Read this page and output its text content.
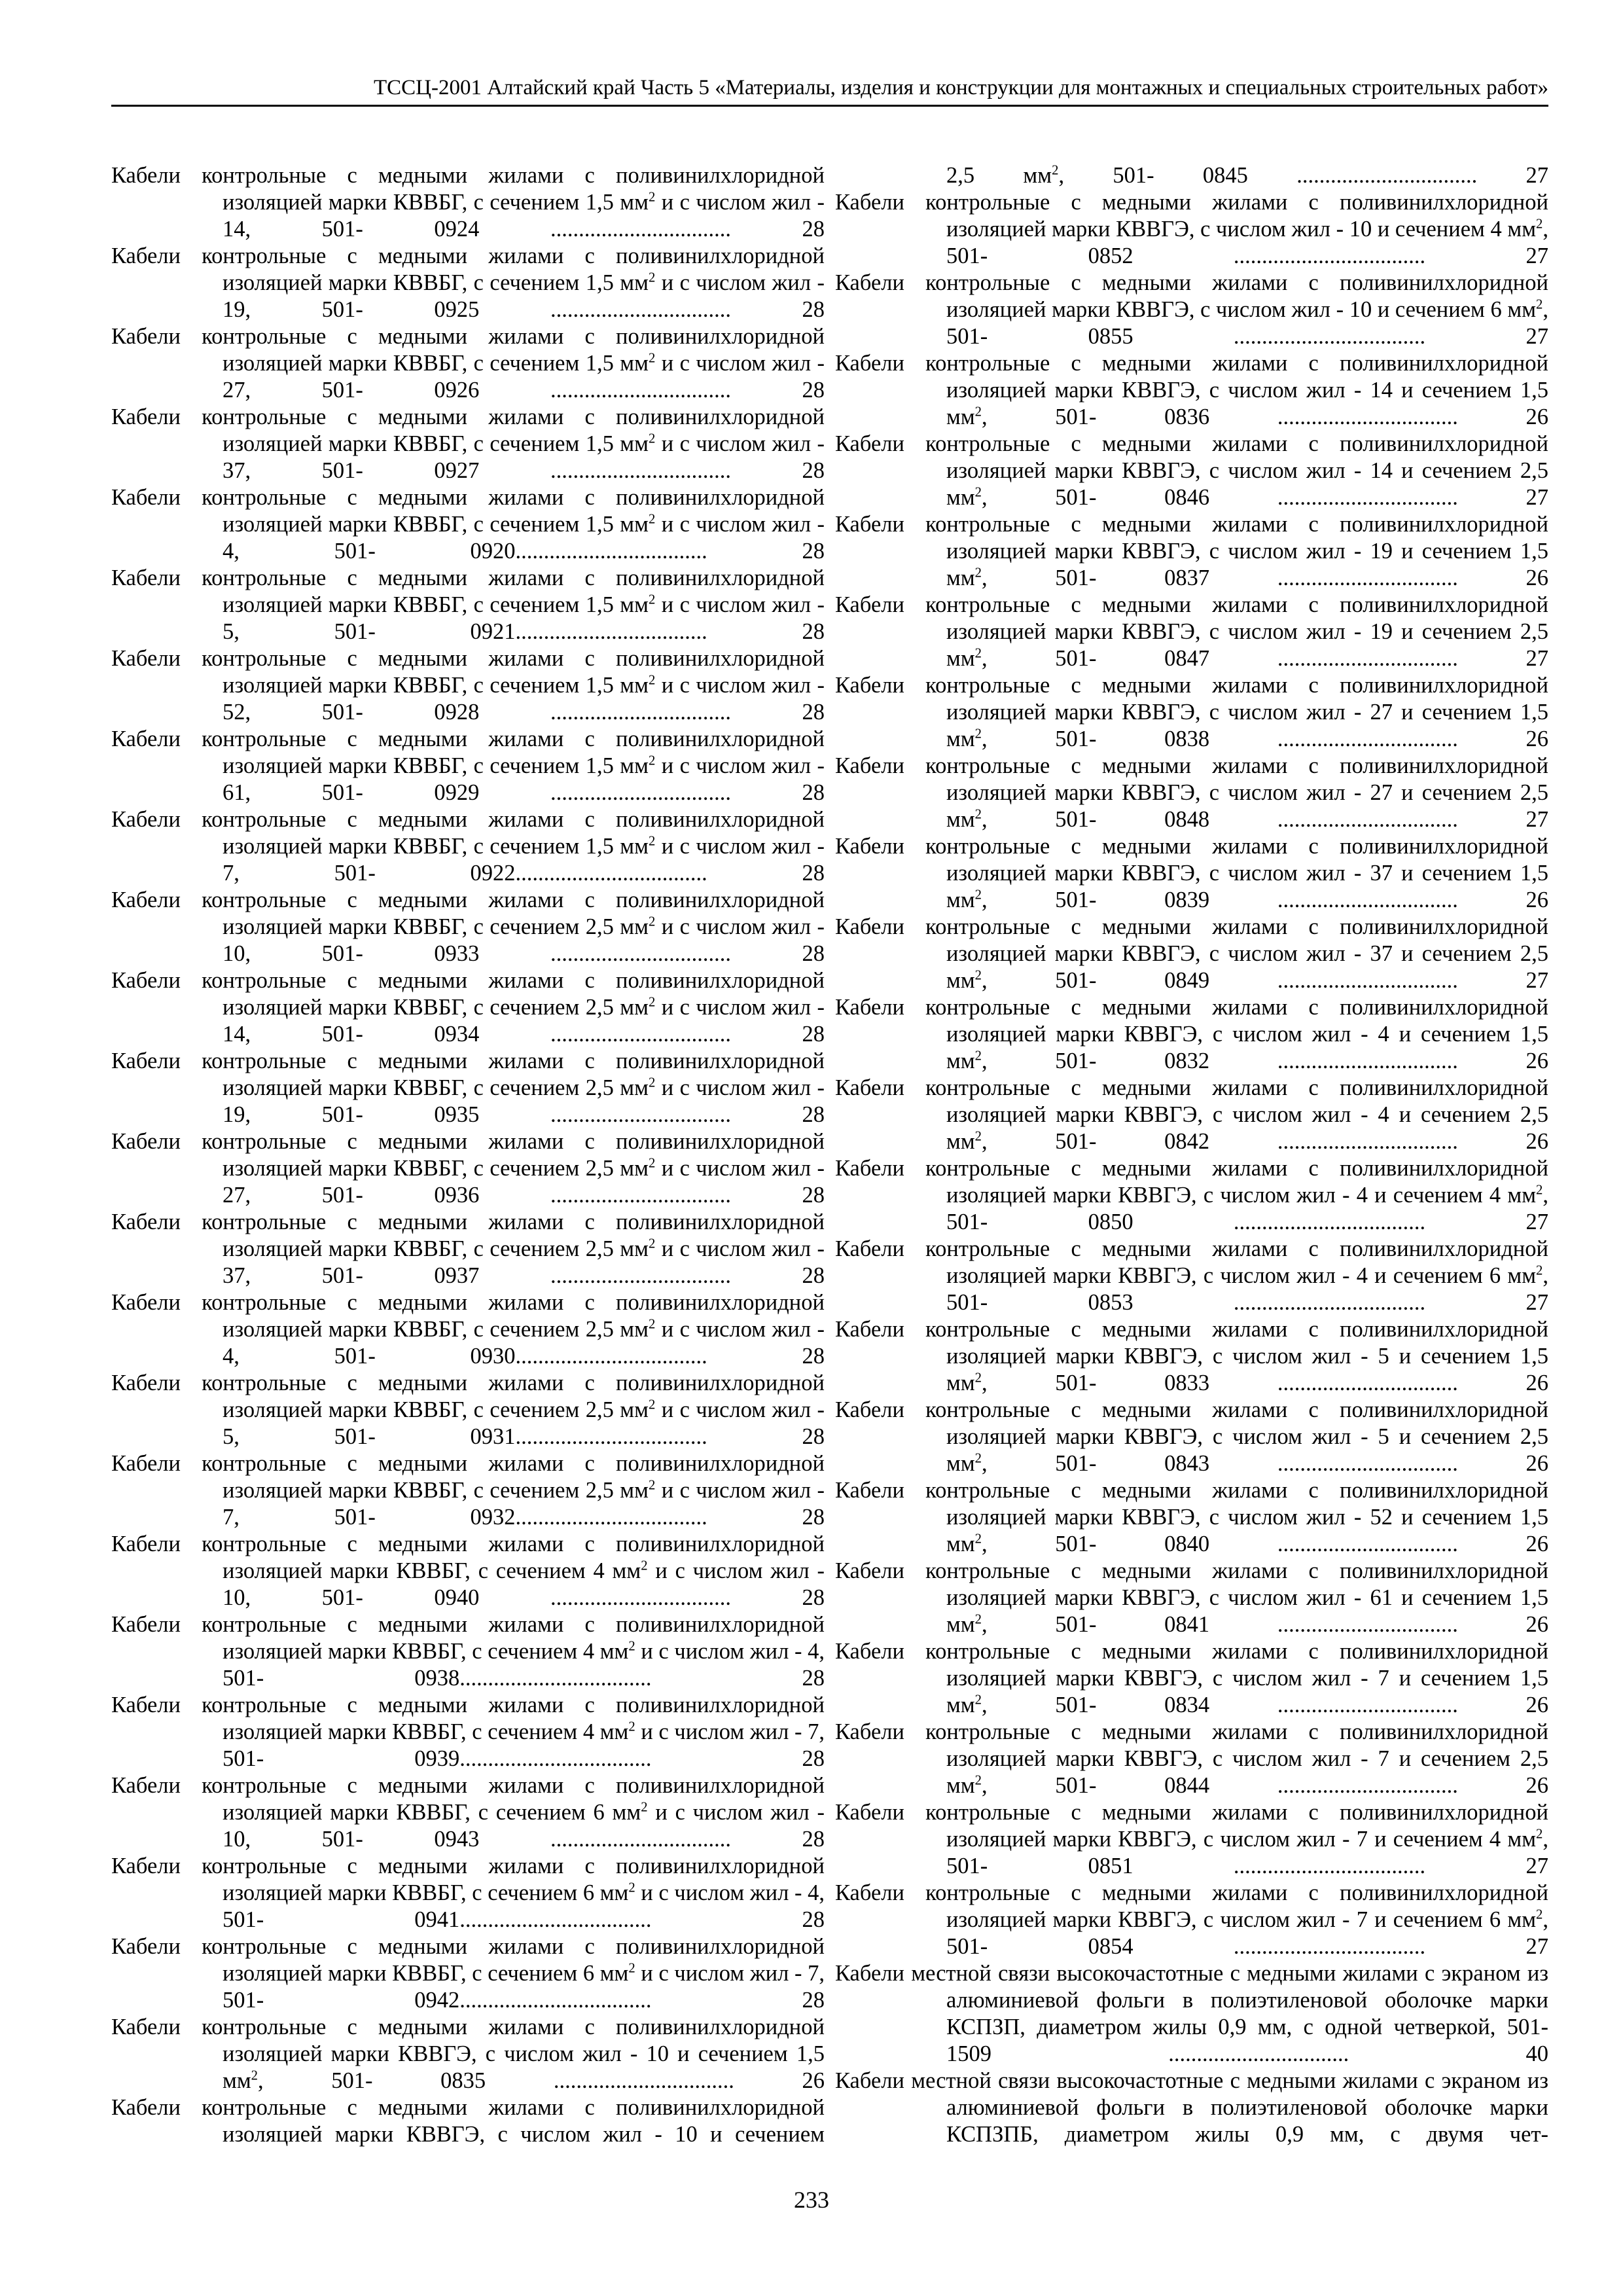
ТССЦ-2001 Алтайский край Часть 5 «Материалы, изделия и конструкции для монтажных и специальных строительных работ»

Кабели контрольные с медными жилами с поливинилхлоридной изоляцией марки КВВБГ, с сечением 1,5 $мм^2$ и с числом жил - 14, 501- 0924 ................................ 28

Кабели контрольные с медными жилами с поливинилхлоридной изоляцией марки КВВБГ, с сечением 1,5 $мм^2$ и с числом жил - 19, 501- 0925 ................................ 28

Кабели контрольные с медными жилами с поливинилхлоридной изоляцией марки КВВБГ, с сечением 1,5 $мм^2$ и с числом жил - 27, 501- 0926 ................................ 28

Кабели контрольные с медными жилами с поливинилхлоридной изоляцией марки КВВБГ, с сечением 1,5 $мм^2$ и с числом жил - 37, 501- 0927 ................................ 28

Кабели контрольные с медными жилами с поливинилхлоридной изоляцией марки КВВБГ, с сечением 1,5 $мм^2$ и с числом жил - 4, 501- 0920.................................. 28

Кабели контрольные с медными жилами с поливинилхлоридной изоляцией марки КВВБГ, с сечением 1,5 $мм^2$ и с числом жил - 5, 501- 0921.................................. 28

Кабели контрольные с медными жилами с поливинилхлоридной изоляцией марки КВВБГ, с сечением 1,5 $мм^2$ и с числом жил - 52, 501- 0928 ................................ 28

Кабели контрольные с медными жилами с поливинилхлоридной изоляцией марки КВВБГ, с сечением 1,5 $мм^2$ и с числом жил - 61, 501- 0929 ................................ 28

Кабели контрольные с медными жилами с поливинилхлоридной изоляцией марки КВВБГ, с сечением 1,5 $мм^2$ и с числом жил - 7, 501- 0922.................................. 28

Кабели контрольные с медными жилами с поливинилхлоридной изоляцией марки КВВБГ, с сечением 2,5 $мм^2$ и с числом жил - 10, 501- 0933 ................................ 28

Кабели контрольные с медными жилами с поливинилхлоридной изоляцией марки КВВБГ, с сечением 2,5 $мм^2$ и с числом жил - 14, 501- 0934 ................................ 28

Кабели контрольные с медными жилами с поливинилхлоридной изоляцией марки КВВБГ, с сечением 2,5 $мм^2$ и с числом жил - 19, 501- 0935 ................................ 28

Кабели контрольные с медными жилами с поливинилхлоридной изоляцией марки КВВБГ, с сечением 2,5 $мм^2$ и с числом жил - 27, 501- 0936 ................................ 28

Кабели контрольные с медными жилами с поливинилхлоридной изоляцией марки КВВБГ, с сечением 2,5 $мм^2$ и с числом жил - 37, 501- 0937 ................................ 28

Кабели контрольные с медными жилами с поливинилхлоридной изоляцией марки КВВБГ, с сечением 2,5 $мм^2$ и с числом жил - 4, 501- 0930.................................. 28

Кабели контрольные с медными жилами с поливинилхлоридной изоляцией марки КВВБГ, с сечением 2,5 $мм^2$ и с числом жил - 5, 501- 0931.................................. 28

Кабели контрольные с медными жилами с поливинилхлоридной изоляцией марки КВВБГ, с сечением 2,5 $мм^2$ и с числом жил - 7, 501- 0932.................................. 28

Кабели контрольные с медными жилами с поливинилхлоридной изоляцией марки КВВБГ, с сечением 4 $мм^2$ и с числом жил - 10, 501- 0940 ................................ 28

Кабели контрольные с медными жилами с поливинилхлоридной изоляцией марки КВВБГ, с сечением 4 $мм^2$ и с числом жил - 4, 501- 0938.................................. 28

Кабели контрольные с медными жилами с поливинилхлоридной изоляцией марки КВВБГ, с сечением 4 $мм^2$ и с числом жил - 7, 501- 0939.................................. 28

Кабели контрольные с медными жилами с поливинилхлоридной изоляцией марки КВВБГ, с сечением 6 $мм^2$ и с числом жил - 10, 501- 0943 ................................ 28

Кабели контрольные с медными жилами с поливинилхлоридной изоляцией марки КВВБГ, с сечением 6 $мм^2$ и с числом жил - 4, 501- 0941.................................. 28

Кабели контрольные с медными жилами с поливинилхлоридной изоляцией марки КВВБГ, с сечением 6 $мм^2$ и с числом жил - 7, 501- 0942.................................. 28

Кабели контрольные с медными жилами с поливинилхлоридной изоляцией марки КВВГЭ, с числом жил - 10 и сечением 1,5 $мм^2$, 501- 0835 ................................ 26

Кабели контрольные с медными жилами с поливинилхлоридной изоляцией марки КВВГЭ, с числом жил - 10 и сечением

2,5 $мм^2$, 501- 0845 ................................ 27

Кабели контрольные с медными жилами с поливинилхлоридной изоляцией марки КВВГЭ, с числом жил - 10 и сечением 4 $мм^2$, 501- 0852 .................................. 27

Кабели контрольные с медными жилами с поливинилхлоридной изоляцией марки КВВГЭ, с числом жил - 10 и сечением 6 $мм^2$, 501- 0855 .................................. 27

Кабели контрольные с медными жилами с поливинилхлоридной изоляцией марки КВВГЭ, с числом жил - 14 и сечением 1,5 $мм^2$, 501- 0836 ................................ 26

Кабели контрольные с медными жилами с поливинилхлоридной изоляцией марки КВВГЭ, с числом жил - 14 и сечением 2,5 $мм^2$, 501- 0846 ................................ 27

Кабели контрольные с медными жилами с поливинилхлоридной изоляцией марки КВВГЭ, с числом жил - 19 и сечением 1,5 $мм^2$, 501- 0837 ................................ 26

Кабели контрольные с медными жилами с поливинилхлоридной изоляцией марки КВВГЭ, с числом жил - 19 и сечением 2,5 $мм^2$, 501- 0847 ................................ 27

Кабели контрольные с медными жилами с поливинилхлоридной изоляцией марки КВВГЭ, с числом жил - 27 и сечением 1,5 $мм^2$, 501- 0838 ................................ 26

Кабели контрольные с медными жилами с поливинилхлоридной изоляцией марки КВВГЭ, с числом жил - 27 и сечением 2,5 $мм^2$, 501- 0848 ................................ 27

Кабели контрольные с медными жилами с поливинилхлоридной изоляцией марки КВВГЭ, с числом жил - 37 и сечением 1,5 $мм^2$, 501- 0839 ................................ 26

Кабели контрольные с медными жилами с поливинилхлоридной изоляцией марки КВВГЭ, с числом жил - 37 и сечением 2,5 $мм^2$, 501- 0849 ................................ 27

Кабели контрольные с медными жилами с поливинилхлоридной изоляцией марки КВВГЭ, с числом жил - 4 и сечением 1,5 $мм^2$, 501- 0832 ................................ 26

Кабели контрольные с медными жилами с поливинилхлоридной изоляцией марки КВВГЭ, с числом жил - 4 и сечением 2,5 $мм^2$, 501- 0842 ................................ 26

Кабели контрольные с медными жилами с поливинилхлоридной изоляцией марки КВВГЭ, с числом жил - 4 и сечением 4 $мм^2$, 501- 0850 .................................. 27

Кабели контрольные с медными жилами с поливинилхлоридной изоляцией марки КВВГЭ, с числом жил - 4 и сечением 6 $мм^2$, 501- 0853 .................................. 27

Кабели контрольные с медными жилами с поливинилхлоридной изоляцией марки КВВГЭ, с числом жил - 5 и сечением 1,5 $мм^2$, 501- 0833 ................................ 26

Кабели контрольные с медными жилами с поливинилхлоридной изоляцией марки КВВГЭ, с числом жил - 5 и сечением 2,5 $мм^2$, 501- 0843 ................................ 26

Кабели контрольные с медными жилами с поливинилхлоридной изоляцией марки КВВГЭ, с числом жил - 52 и сечением 1,5 $мм^2$, 501- 0840 ................................ 26

Кабели контрольные с медными жилами с поливинилхлоридной изоляцией марки КВВГЭ, с числом жил - 61 и сечением 1,5 $мм^2$, 501- 0841 ................................ 26

Кабели контрольные с медными жилами с поливинилхлоридной изоляцией марки КВВГЭ, с числом жил - 7 и сечением 1,5 $мм^2$, 501- 0834 ................................ 26

Кабели контрольные с медными жилами с поливинилхлоридной изоляцией марки КВВГЭ, с числом жил - 7 и сечением 2,5 $мм^2$, 501- 0844 ................................ 26

Кабели контрольные с медными жилами с поливинилхлоридной изоляцией марки КВВГЭ, с числом жил - 7 и сечением 4 $мм^2$, 501- 0851 .................................. 27

Кабели контрольные с медными жилами с поливинилхлоридной изоляцией марки КВВГЭ, с числом жил - 7 и сечением 6 $мм^2$, 501- 0854 .................................. 27

Кабели местной связи высокочастотные с медными жилами с экраном из алюминиевой фольги в полиэтиленовой оболочке марки КСПЗП, диаметром жилы 0,9 мм, с одной четверкой, 501- 1509 ................................ 40

Кабели местной связи высокочастотные с медными жилами с экраном из алюминиевой фольги в полиэтиленовой оболочке марки КСПЗПБ, диаметром жилы 0,9 мм, с двумя чет-

233
